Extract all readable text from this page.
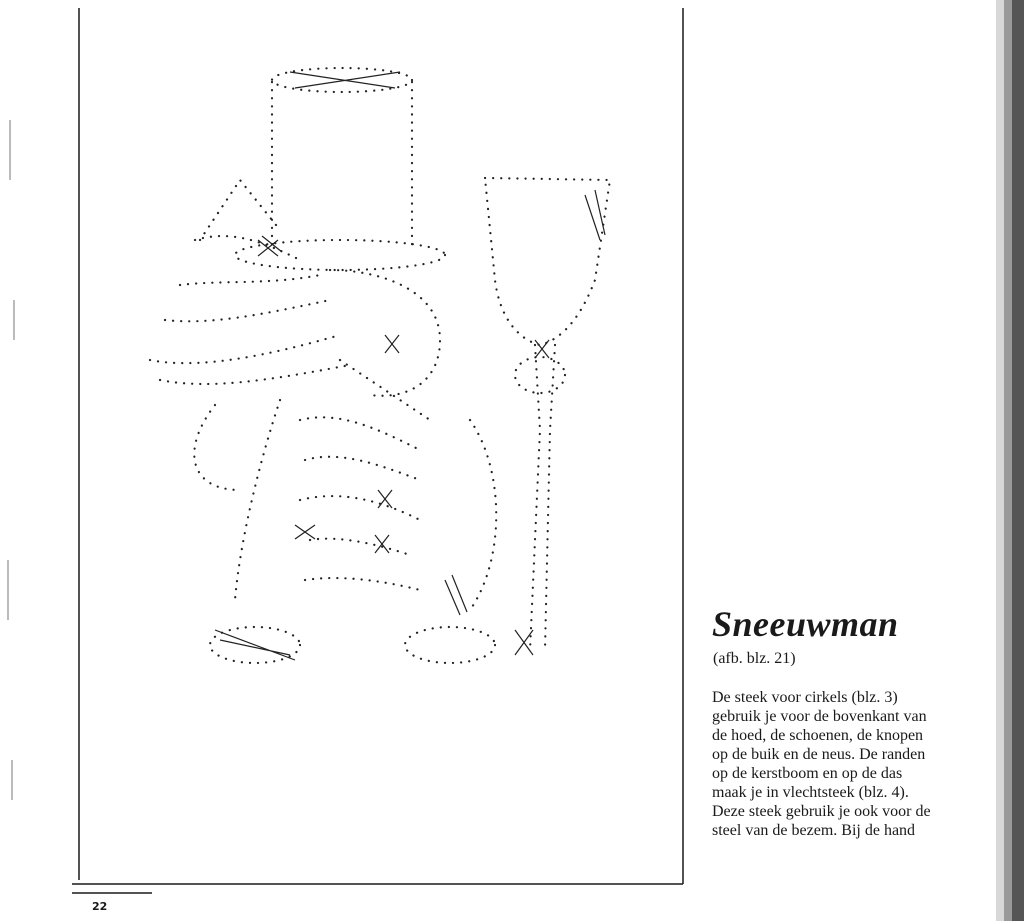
Sneeuwman
(afb. blz. 21)
De steek voor cirkels (blz. 3)
gebruik je voor de bovenkant van
de hoed, de schoenen, de knopen
op de buik en de neus. De randen
op de kerstboom en op de das
maak je in vlechtsteek (blz. 4).
Deze steek gebruik je ook voor de
steel van de bezem. Bij de hand
22
